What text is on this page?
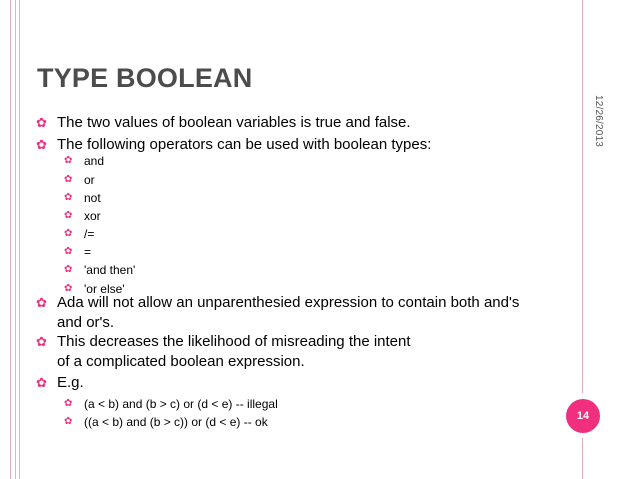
12/26/2013
14
TYPE BOOLEAN
✿ The two values of boolean variables is true and false.
✿ The following operators can be used with boolean types:
✿ and
✿ or
✿ not
✿ xor
✿ /=
✿ =
✿ 'and then'
✿ 'or else'
✿ Ada will not allow an unparenthesied expression to contain both and's and or's.
✿ This decreases the likelihood of misreading the intent
of a complicated boolean expression.
✿ E.g.
✿ (a < b) and (b > c) or (d < e) -- illegal
✿ ((a < b) and (b > c)) or (d < e) -- ok
